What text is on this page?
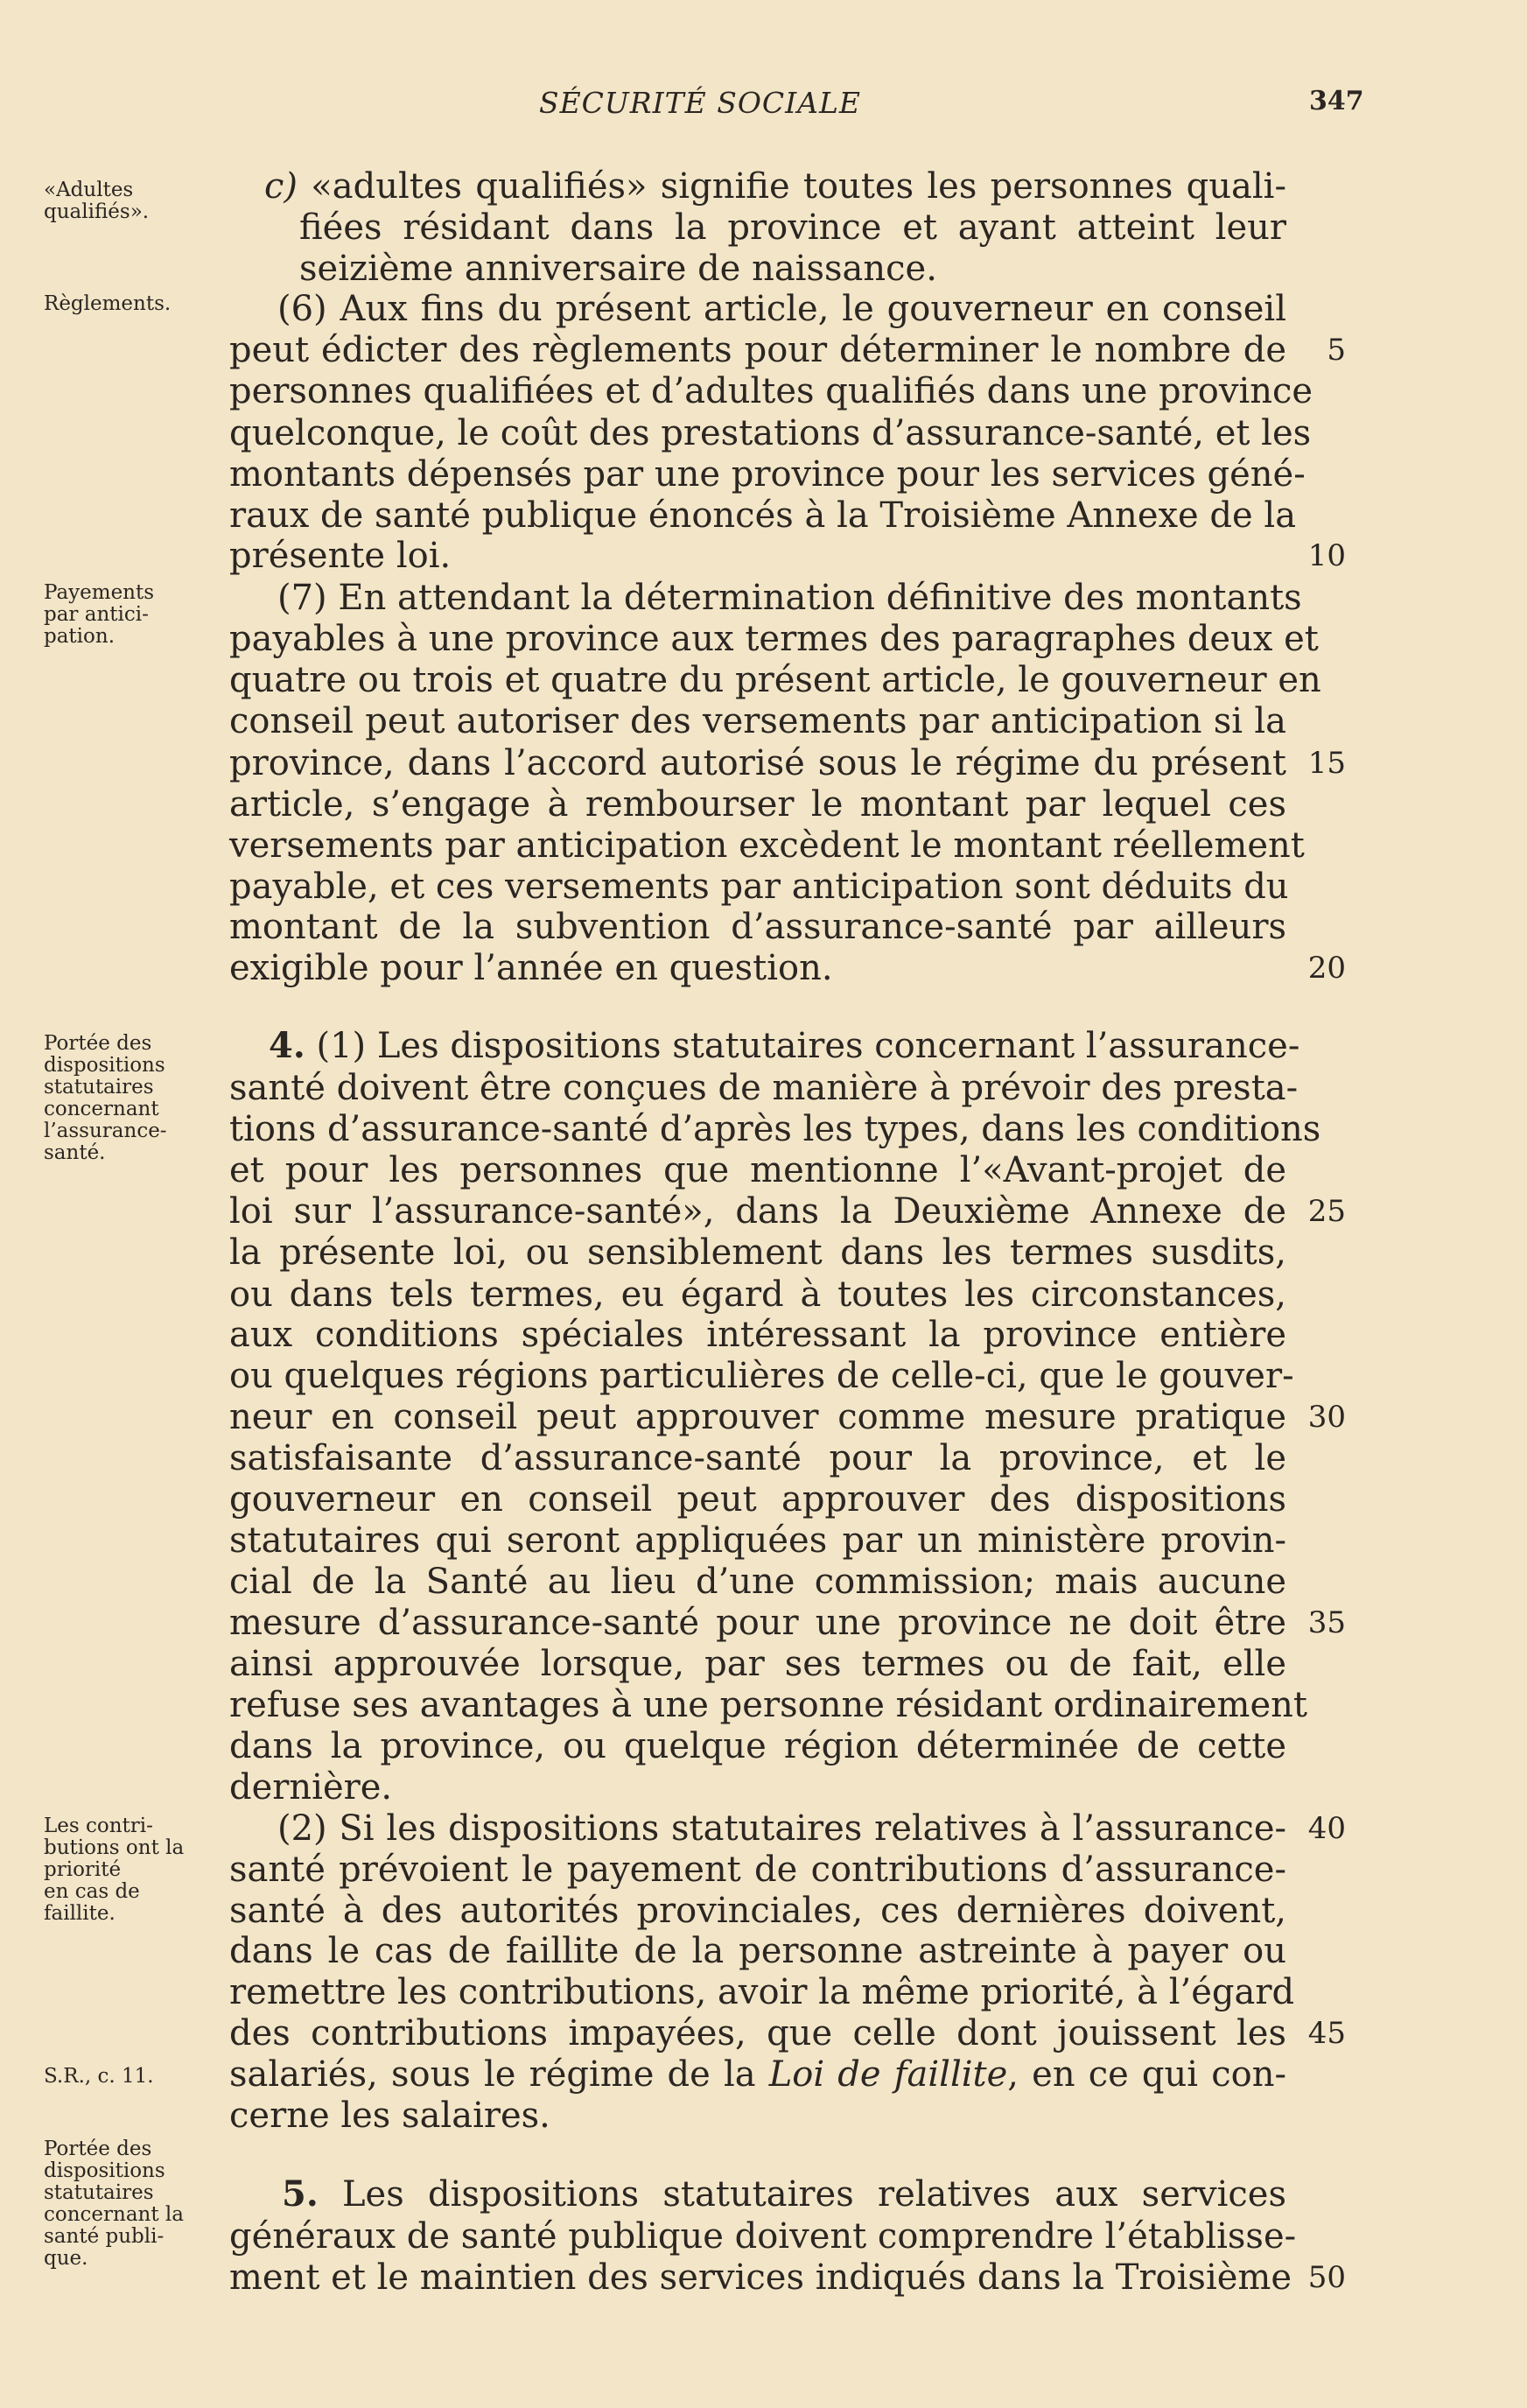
SÉCURITÉ SOCIALE	347
«Adultes
qualifiés».
Règlements.
Payements
par antici-
pation.
Portée des
dispositions
statutaires
concernant
l’assurance-
santé.
Les contri-
butions ont la
priorité
en cas de
faillite.
S.R., c. 11.
Portée des
dispositions
statutaires
concernant la
santé publi-
que.
c) «adultes qualifiés» signifie toutes les personnes quali-
fiées résidant dans la province et ayant atteint leur
seizième anniversaire de naissance.
(6) Aux fins du présent article, le gouverneur en conseil
peut édicter des règlements pour déterminer le nombre de
personnes qualifiées et d’adultes qualifiés dans une province
quelconque, le coût des prestations d’assurance-santé, et les
montants dépensés par une province pour les services géné-
raux de santé publique énoncés à la Troisième Annexe de la
présente loi.
(7) En attendant la détermination définitive des montants
payables à une province aux termes des paragraphes deux et
quatre ou trois et quatre du présent article, le gouverneur en
conseil peut autoriser des versements par anticipation si la
province, dans l’accord autorisé sous le régime du présent
article, s’engage à rembourser le montant par lequel ces
versements par anticipation excèdent le montant réellement
payable, et ces versements par anticipation sont déduits du
montant de la subvention d’assurance-santé par ailleurs
exigible pour l’année en question.
4. (1) Les dispositions statutaires concernant l’assurance-
santé doivent être conçues de manière à prévoir des presta-
tions d’assurance-santé d’après les types, dans les conditions
et pour les personnes que mentionne l’«Avant-projet de
loi sur l’assurance-santé», dans la Deuxième Annexe de
la présente loi, ou sensiblement dans les termes susdits,
ou dans tels termes, eu égard à toutes les circonstances,
aux conditions spéciales intéressant la province entière
ou quelques régions particulières de celle-ci, que le gouver-
neur en conseil peut approuver comme mesure pratique
satisfaisante d’assurance-santé pour la province, et le
gouverneur en conseil peut approuver des dispositions
statutaires qui seront appliquées par un ministère provin-
cial de la Santé au lieu d’une commission; mais aucune
mesure d’assurance-santé pour une province ne doit être
ainsi approuvée lorsque, par ses termes ou de fait, elle
refuse ses avantages à une personne résidant ordinairement
dans la province, ou quelque région déterminée de cette
dernière.
(2) Si les dispositions statutaires relatives à l’assurance-
santé prévoient le payement de contributions d’assurance-
santé à des autorités provinciales, ces dernières doivent,
dans le cas de faillite de la personne astreinte à payer ou
remettre les contributions, avoir la même priorité, à l’égard
des contributions impayées, que celle dont jouissent les
salariés, sous le régime de la Loi de faillite, en ce qui con-
cerne les salaires.
5. Les dispositions statutaires relatives aux services
généraux de santé publique doivent comprendre l’établisse-
ment et le maintien des services indiqués dans la Troisième
5
10
15
20
25
30
35
40
45
50
